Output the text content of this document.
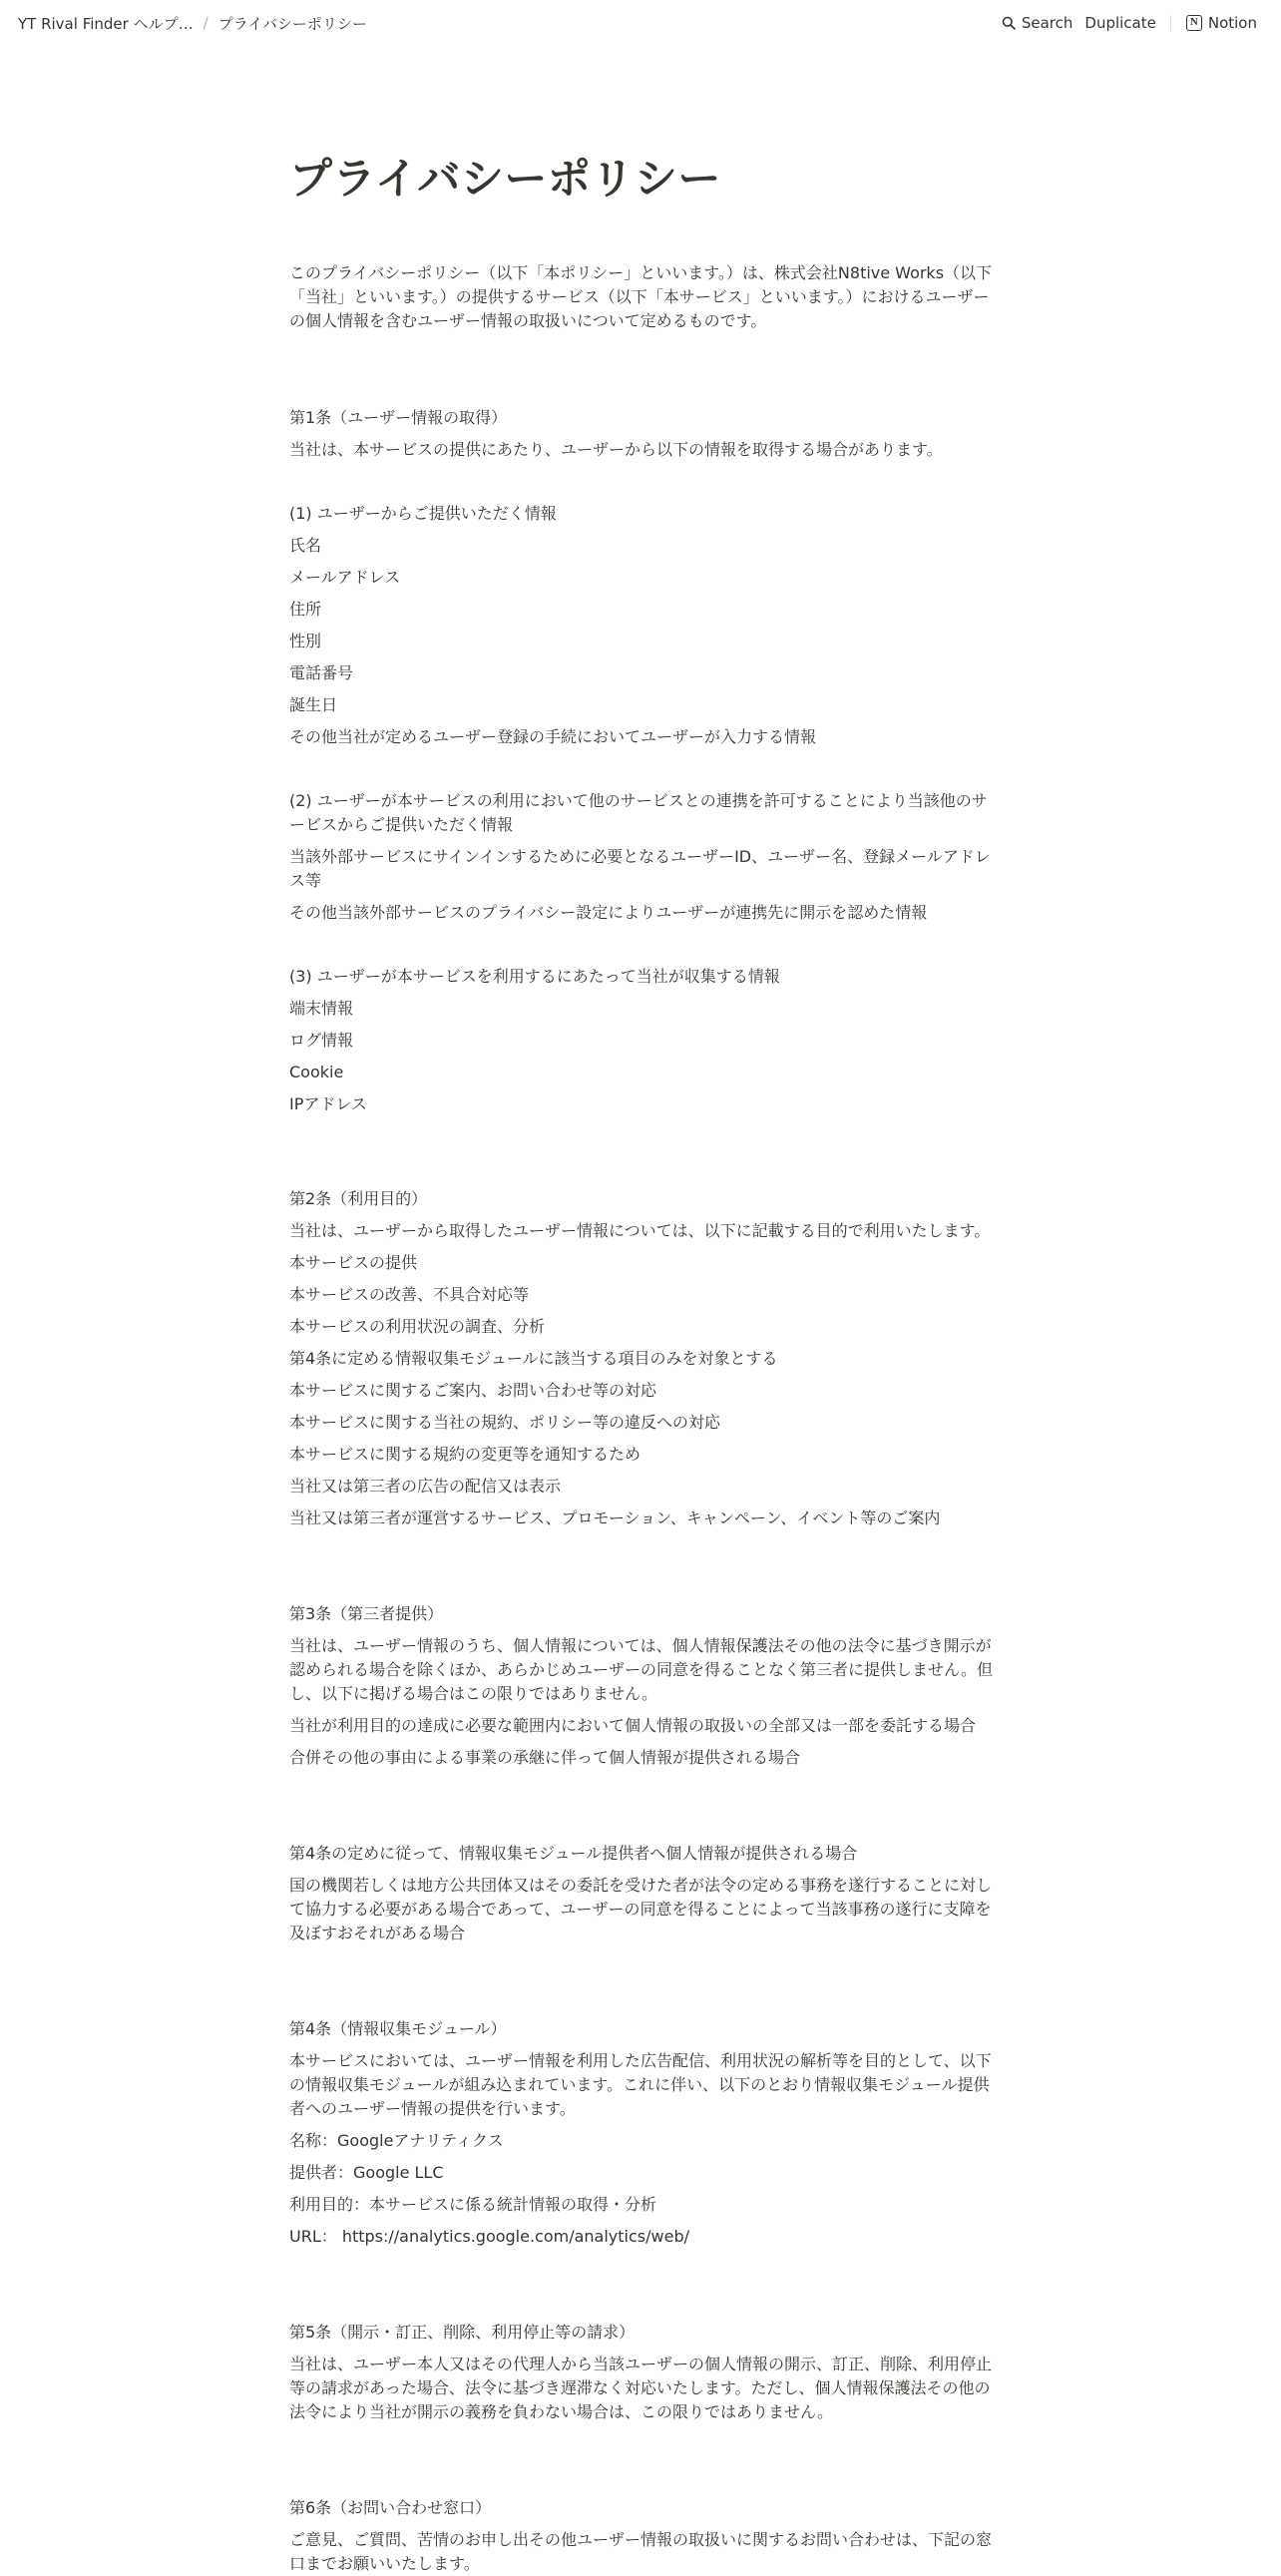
YT Rival Finder ヘルプ… / プライバシーポリシー	Search Duplicate	N Notion
プライバシーポリシー

このプライバシーポリシー（以下「本ポリシー」といいます。）は、株式会社N8tive Works（以下「当社」といいます。）の提供するサービス（以下「本サービス」といいます。）におけるユーザーの個人情報を含むユーザー情報の取扱いについて定めるものです。

第1条（ユーザー情報の取得）

当社は、本サービスの提供にあたり、ユーザーから以下の情報を取得する場合があります。

(1) ユーザーからご提供いただく情報

氏名

メールアドレス

住所

性別

電話番号

誕生日

その他当社が定めるユーザー登録の手続においてユーザーが入力する情報

(2) ユーザーが本サービスの利用において他のサービスとの連携を許可することにより当該他のサービスからご提供いただく情報

当該外部サービスにサインインするために必要となるユーザーID、ユーザー名、登録メールアドレス等

その他当該外部サービスのプライバシー設定によりユーザーが連携先に開示を認めた情報

(3) ユーザーが本サービスを利用するにあたって当社が収集する情報

端末情報

ログ情報

Cookie

IPアドレス

第2条（利用目的）

当社は、ユーザーから取得したユーザー情報については、以下に記載する目的で利用いたします。

本サービスの提供

本サービスの改善、不具合対応等

本サービスの利用状況の調査、分析

第4条に定める情報収集モジュールに該当する項目のみを対象とする

本サービスに関するご案内、お問い合わせ等の対応

本サービスに関する当社の規約、ポリシー等の違反への対応

本サービスに関する規約の変更等を通知するため

当社又は第三者の広告の配信又は表示

当社又は第三者が運営するサービス、プロモーション、キャンペーン、イベント等のご案内

第3条（第三者提供）

当社は、ユーザー情報のうち、個人情報については、個人情報保護法その他の法令に基づき開示が認められる場合を除くほか、あらかじめユーザーの同意を得ることなく第三者に提供しません。但し、以下に掲げる場合はこの限りではありません。

当社が利用目的の達成に必要な範囲内において個人情報の取扱いの全部又は一部を委託する場合

合併その他の事由による事業の承継に伴って個人情報が提供される場合

第4条の定めに従って、情報収集モジュール提供者へ個人情報が提供される場合

国の機関若しくは地方公共団体又はその委託を受けた者が法令の定める事務を遂行することに対して協力する必要がある場合であって、ユーザーの同意を得ることによって当該事務の遂行に支障を及ぼすおそれがある場合

第4条（情報収集モジュール）

本サービスにおいては、ユーザー情報を利用した広告配信、利用状況の解析等を目的として、以下の情報収集モジュールが組み込まれています。これに伴い、以下のとおり情報収集モジュール提供者へのユーザー情報の提供を行います。

名称：Googleアナリティクス

提供者：Google LLC

利用目的：本サービスに係る統計情報の取得・分析

URL： https://analytics.google.com/analytics/web/

第5条（開示・訂正、削除、利用停止等の請求）

当社は、ユーザー本人又はその代理人から当該ユーザーの個人情報の開示、訂正、削除、利用停止等の請求があった場合、法令に基づき遅滞なく対応いたします。ただし、個人情報保護法その他の法令により当社が開示の義務を負わない場合は、この限りではありません。

第6条（お問い合わせ窓口）

ご意見、ご質問、苦情のお申し出その他ユーザー情報の取扱いに関するお問い合わせは、下記の窓口までお願いいたします。
